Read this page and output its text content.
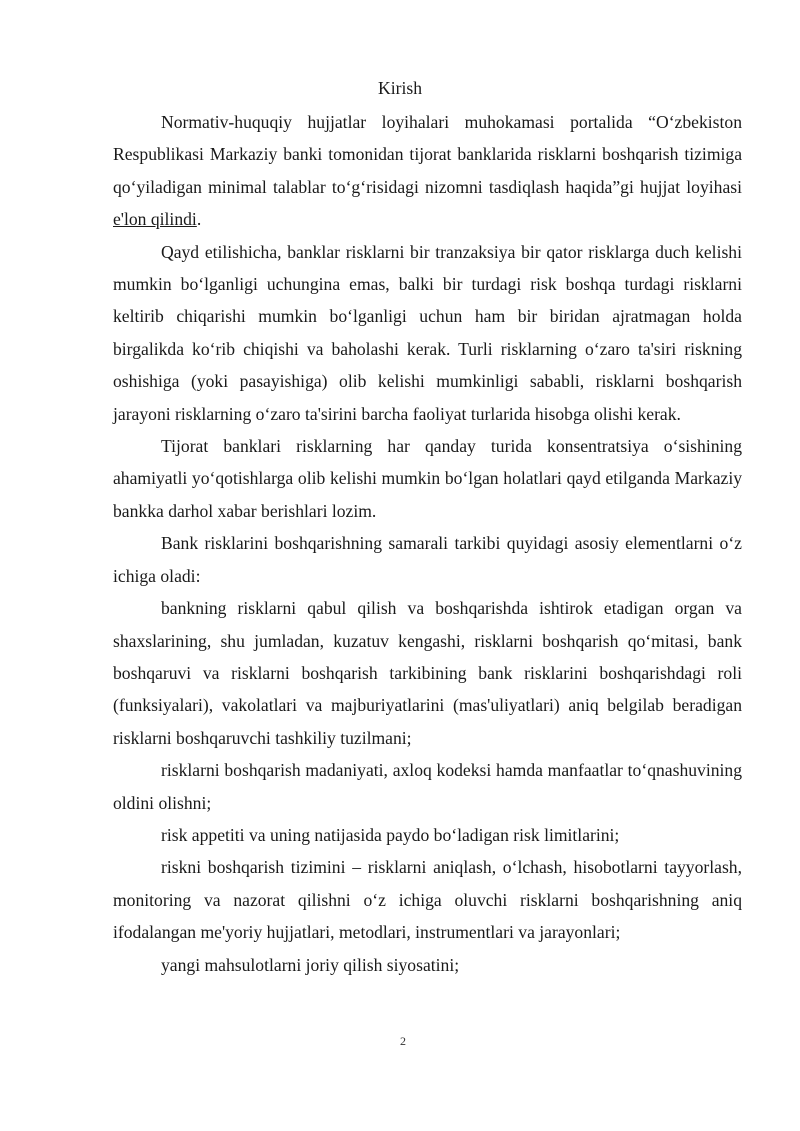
Kirish

Normativ-huquqiy hujjatlar loyihalari muhokamasi portalida “O‘zbekiston Respublikasi Markaziy banki tomonidan tijorat banklarida risklarni boshqarish tizimiga qo‘yiladigan minimal talablar to‘g‘risidagi nizomni tasdiqlash haqida”gi hujjat loyihasi e'lon qilindi.

Qayd etilishicha, banklar risklarni bir tranzaksiya bir qator risklarga duch kelishi mumkin bo‘lganligi uchungina emas, balki bir turdagi risk boshqa turdagi risklarni keltirib chiqarishi mumkin bo‘lganligi uchun ham bir biridan ajratmagan holda birgalikda ko‘rib chiqishi va baholashi kerak. Turli risklarning o‘zaro ta'siri riskning oshishiga (yoki pasayishiga) olib kelishi mumkinligi sababli, risklarni boshqarish jarayoni risklarning o‘zaro ta'sirini barcha faoliyat turlarida hisobga olishi kerak.

Tijorat banklari risklarning har qanday turida konsentratsiya o‘sishining ahamiyatli yo‘qotishlarga olib kelishi mumkin bo‘lgan holatlari qayd etilganda Markaziy bankka darhol xabar berishlari lozim.

Bank risklarini boshqarishning samarali tarkibi quyidagi asosiy elementlarni o‘z ichiga oladi:

bankning risklarni qabul qilish va boshqarishda ishtirok etadigan organ va shaxslarining, shu jumladan, kuzatuv kengashi, risklarni boshqarish qo‘mitasi, bank boshqaruvi va risklarni boshqarish tarkibining bank risklarini boshqarishdagi roli (funksiyalari), vakolatlari va majburiyatlarini (mas'uliyatlari) aniq belgilab beradigan risklarni boshqaruvchi tashkiliy tuzilmani;

risklarni boshqarish madaniyati, axloq kodeksi hamda manfaatlar to‘qnashuvining oldini olishni;

risk appetiti va uning natijasida paydo bo‘ladigan risk limitlarini;

riskni boshqarish tizimini – risklarni aniqlash, o‘lchash, hisobotlarni tayyorlash, monitoring va nazorat qilishni o‘z ichiga oluvchi risklarni boshqarishning aniq ifodalangan me'yoriy hujjatlari, metodlari, instrumentlari va jarayonlari;

yangi mahsulotlarni joriy qilish siyosatini;

2
